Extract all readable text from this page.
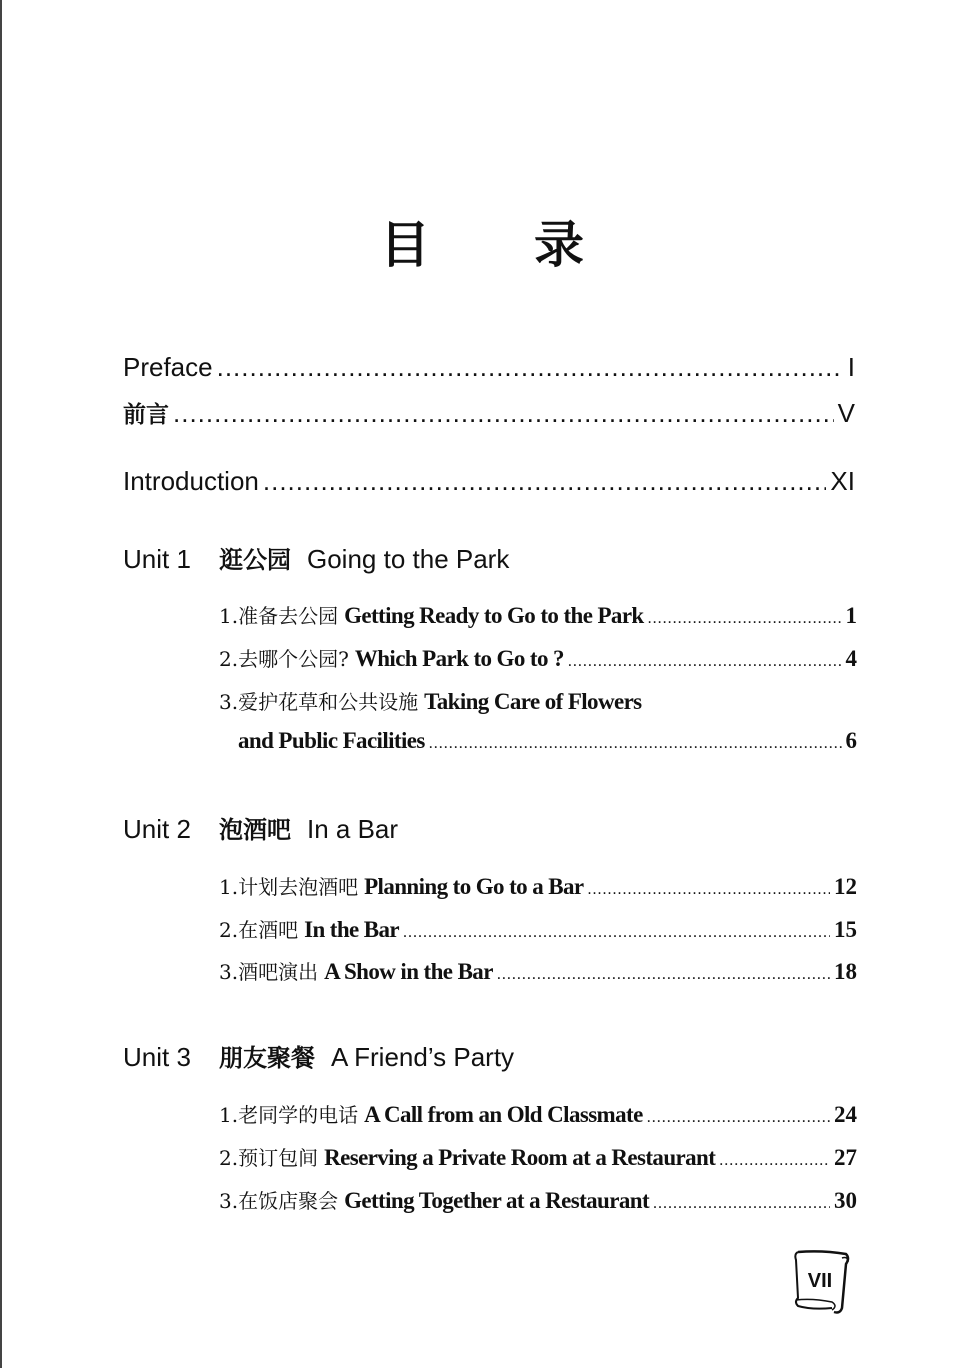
目 录
Preface .....	I
前言 .....	V
Introduction .....	XI
Unit 1 逛公园 Going to the Park
1.准备去公园 Getting Ready to Go to the Park .....	1
2.去哪个公园? Which Park to Go to ? .....	4
3.爱护花草和公共设施 Taking Care of Flowers
and Public Facilities .....	6
Unit 2 泡酒吧 In a Bar
1.计划去泡酒吧 Planning to Go to a Bar .....	12
2.在酒吧 In the Bar .....	15
3.酒吧演出 A Show in the Bar .....	18
Unit 3 朋友聚餐 A Friend’s Party
1.老同学的电话 A Call from an Old Classmate .....	24
2.预订包间 Reserving a Private Room at a Restaurant .....	27
3.在饭店聚会 Getting Together at a Restaurant .....	30
VII
